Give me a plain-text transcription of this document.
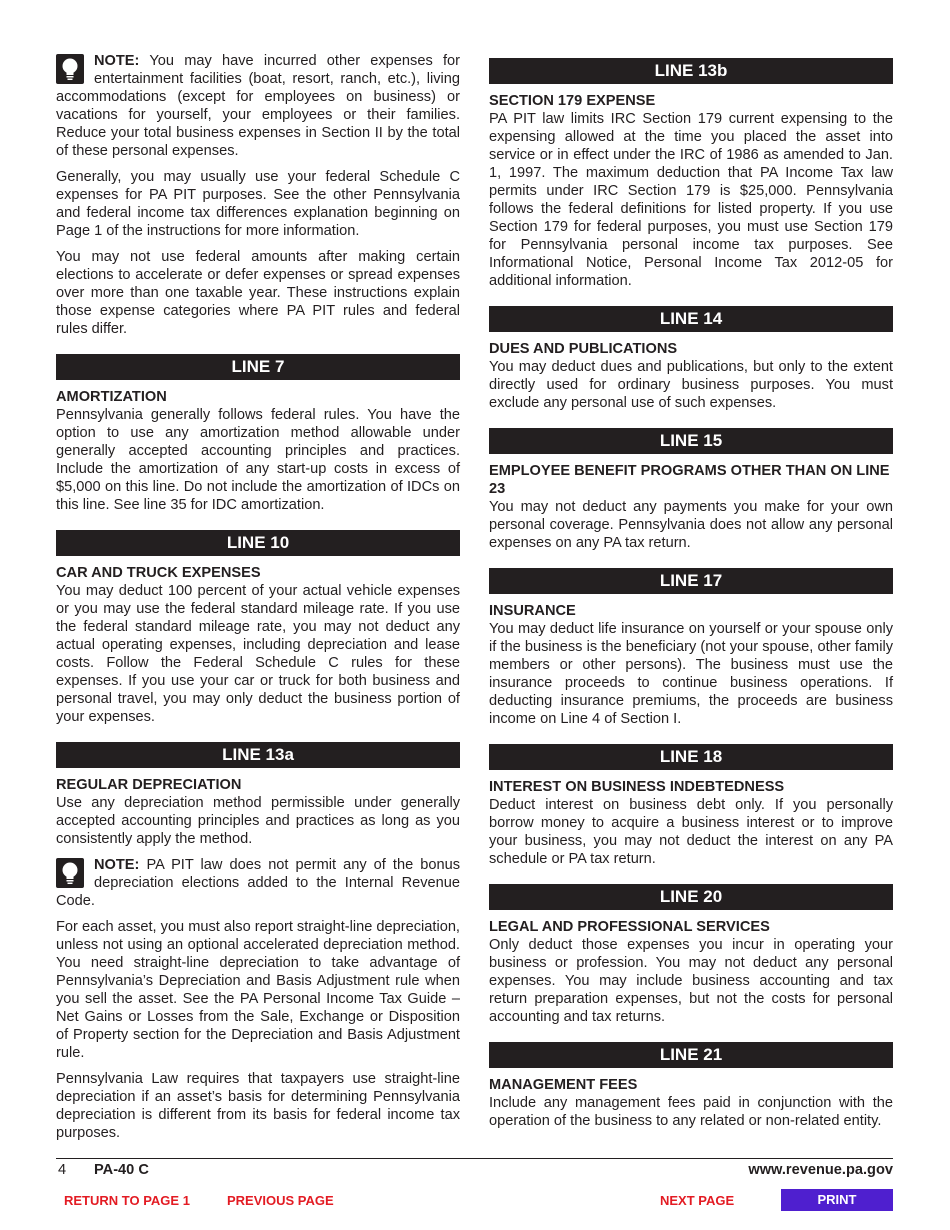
NOTE: You may have incurred other expenses for entertainment facilities (boat, resort, ranch, etc.), living accommodations (except for employees on business) or vacations for yourself, your employees or their families. Reduce your total business expenses in Section II by the total of these personal expenses.

Generally, you may usually use your federal Schedule C expenses for PA PIT purposes. See the other Pennsylvania and federal income tax differences explanation beginning on Page 1 of the instructions for more information.

You may not use federal amounts after making certain elections to accelerate or defer expenses or spread expenses over more than one taxable year. These instructions explain those expense categories where PA PIT rules and federal rules differ.

LINE 7
AMORTIZATION

Pennsylvania generally follows federal rules. You have the option to use any amortization method allowable under generally accepted accounting principles and practices. Include the amortization of any start-up costs in excess of $5,000 on this line. Do not include the amortization of IDCs on this line. See line 35 for IDC amortization.

LINE 10
CAR AND TRUCK EXPENSES

You may deduct 100 percent of your actual vehicle expenses or you may use the federal standard mileage rate. If you use the federal standard mileage rate, you may not deduct any actual operating expenses, including depreciation and lease costs. Follow the Federal Schedule C rules for these expenses. If you use your car or truck for both business and personal travel, you may only deduct the business portion of your expenses.

LINE 13a
REGULAR DEPRECIATION

Use any depreciation method permissible under generally accepted accounting principles and practices as long as you consistently apply the method.

NOTE: PA PIT law does not permit any of the bonus depreciation elections added to the Internal Revenue Code.

For each asset, you must also report straight-line depreciation, unless not using an optional accelerated depreciation method. You need straight-line depreciation to take advantage of Pennsylvania’s Depreciation and Basis Adjustment rule when you sell the asset. See the PA Personal Income Tax Guide – Net Gains or Losses from the Sale, Exchange or Disposition of Property section for the Depreciation and Basis Adjustment rule.

Pennsylvania Law requires that taxpayers use straight-line depreciation if an asset’s basis for determining Pennsylvania depreciation is different from its basis for federal income tax purposes.

LINE 13b
SECTION 179 EXPENSE

PA PIT law limits IRC Section 179 current expensing to the expensing allowed at the time you placed the asset into service or in effect under the IRC of 1986 as amended to Jan. 1, 1997. The maximum deduction that PA Income Tax law permits under IRC Section 179 is $25,000. Pennsylvania follows the federal definitions for listed property. If you use Section 179 for federal purposes, you must use Section 179 for Pennsylvania personal income tax purposes. See Informational Notice, Personal Income Tax 2012-05 for additional information.

LINE 14
DUES AND PUBLICATIONS

You may deduct dues and publications, but only to the extent directly used for ordinary business purposes. You must exclude any personal use of such expenses.

LINE 15
EMPLOYEE BENEFIT PROGRAMS OTHER THAN ON LINE 23

You may not deduct any payments you make for your own personal coverage. Pennsylvania does not allow any personal expenses on any PA tax return.

LINE 17
INSURANCE

You may deduct life insurance on yourself or your spouse only if the business is the beneficiary (not your spouse, other family members or other persons). The business must use the insurance proceeds to continue business operations. If deducting insurance premiums, the proceeds are business income on Line 4 of Section I.

LINE 18
INTEREST ON BUSINESS INDEBTEDNESS

Deduct interest on business debt only. If you personally borrow money to acquire a business interest or to improve your business, you may not deduct the interest on any PA schedule or PA tax return.

LINE 20
LEGAL AND PROFESSIONAL SERVICES

Only deduct those expenses you incur in operating your business or profession. You may not deduct any personal expenses. You may include business accounting and tax return preparation expenses, but not the costs for personal accounting and tax returns.

LINE 21
MANAGEMENT FEES

Include any management fees paid in conjunction with the operation of the business to any related or non-related entity.

4 PA-40 C	www.revenue.pa.gov
RETURN TO PAGE 1	PREVIOUS PAGE	NEXT PAGE	PRINT
